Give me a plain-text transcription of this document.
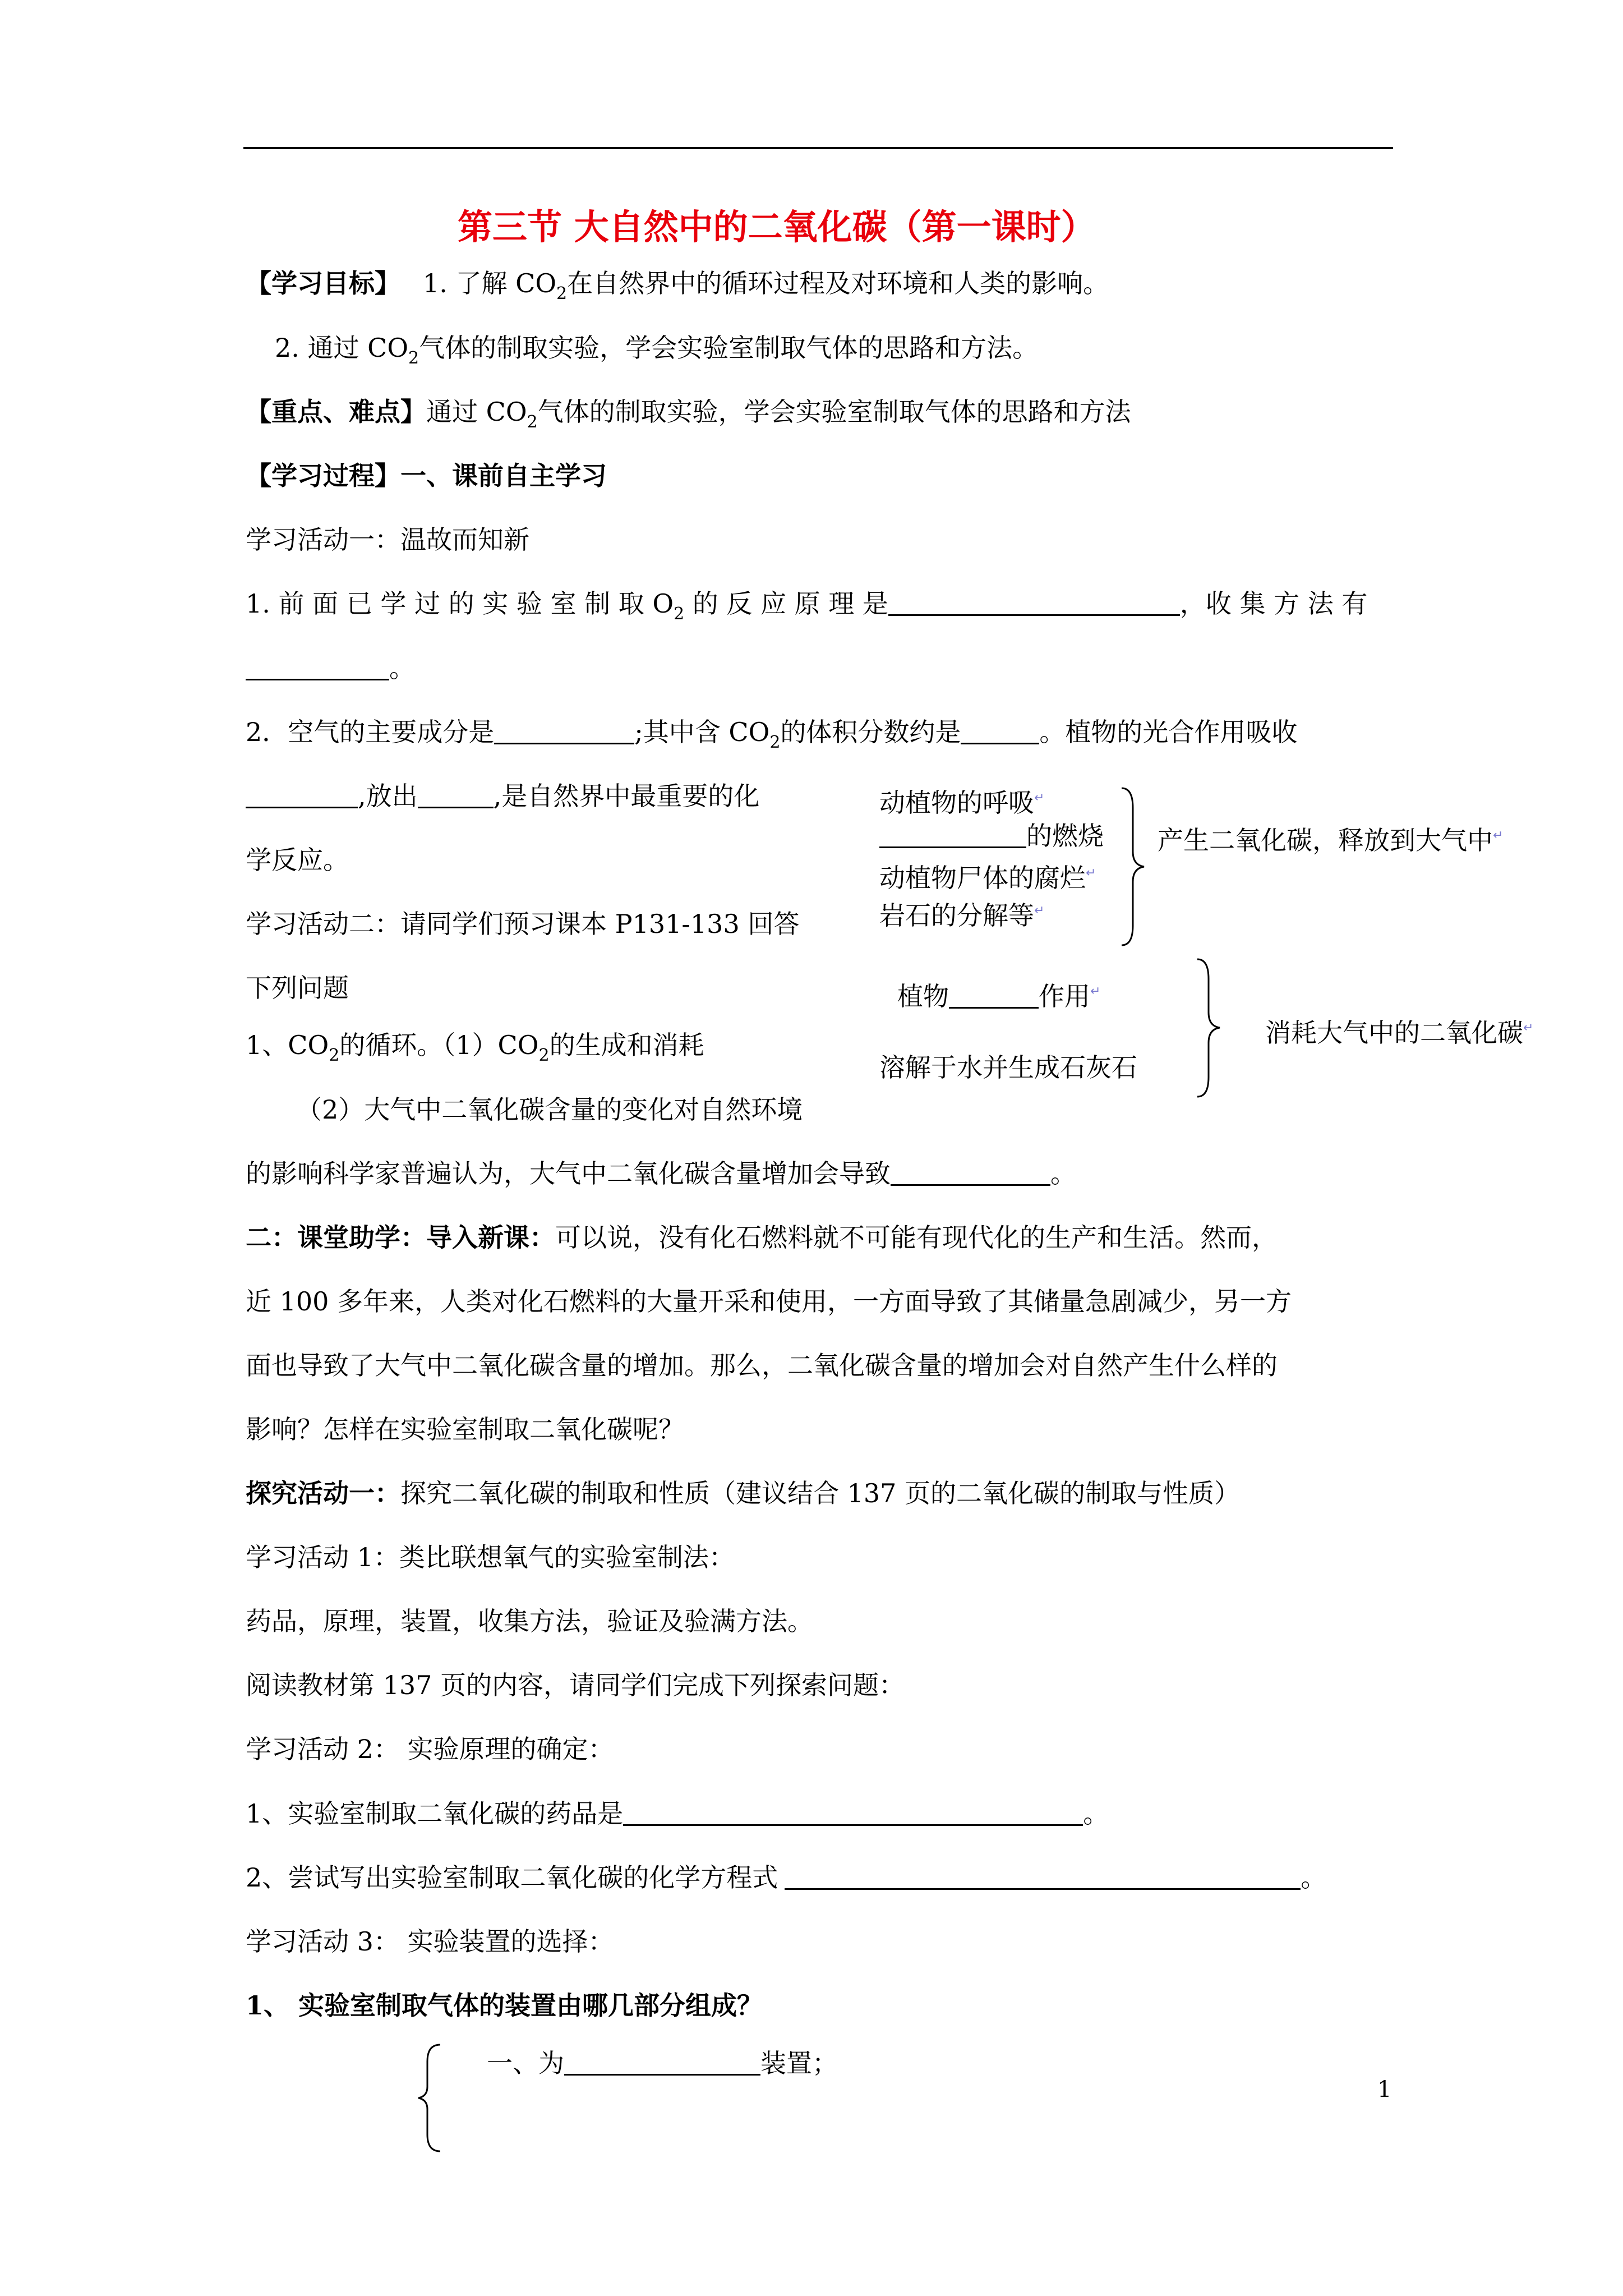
第三节 大自然中的二氧化碳（第一课时）
【学习目标】 1. 了解 $CO_2$在自然界中的循环过程及对环境和人类的影响。
2. 通过 $CO_2$气体的制取实验，学会实验室制取气体的思路和方法。
【重点、难点】通过 $CO_2$气体的制取实验，学会实验室制取气体的思路和方法
【学习过程】一、课前自主学习
学习活动一：温故而知新
1. 前 面 已 学 过 的 实 验 室 制 取 $O_2$ 的 反 应 原 理 是	，收 集 方 法 有
。
2．空气的主要成分是	;其中含 $CO_2$的体积分数约是	。植物的光合作用吸收
,放出	,是自然界中最重要的化
学反应。
学习活动二：请同学们预习课本 P131-133 回答
下列问题
1、$CO_2$的循环。$(1)CO_2$的生成和消耗
（2）大气中二氧化碳含量的变化对自然环境
的影响科学家普遍认为，大气中二氧化碳含量增加会导致	。
动植物的呼吸↵
的燃烧
动植物尸体的腐烂↵
岩石的分解等↵
产生二氧化碳，释放到大气中↵
植物	作用↵
溶解于水并生成石灰石
消耗大气中的二氧化碳↵
二：课堂助学：导入新课：可以说，没有化石燃料就不可能有现代化的生产和生活。然而，
近 100 多年来，人类对化石燃料的大量开采和使用，一方面导致了其储量急剧减少，另一方
面也导致了大气中二氧化碳含量的增加。那么，二氧化碳含量的增加会对自然产生什么样的
影响？怎样在实验室制取二氧化碳呢？
探究活动一：探究二氧化碳的制取和性质（建议结合 137 页的二氧化碳的制取与性质）
学习活动 1：类比联想氧气的实验室制法：
药品，原理，装置，收集方法，验证及验满方法。
阅读教材第 137 页的内容，请同学们完成下列探索问题：
学习活动 2： 实验原理的确定：
1、实验室制取二氧化碳的药品是	。
2、尝试写出实验室制取二氧化碳的化学方程式	。
学习活动 3： 实验装置的选择：
1、 实验室制取气体的装置由哪几部分组成？
一、为	装置；
1
